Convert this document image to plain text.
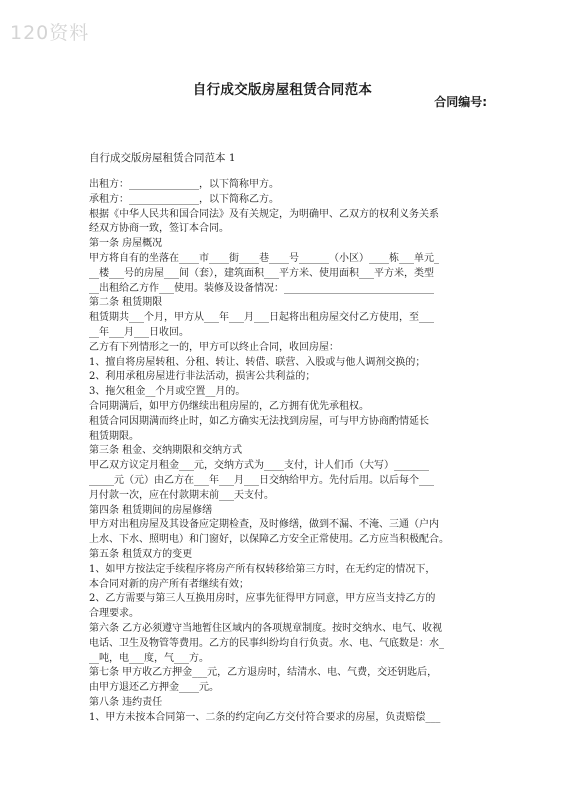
120资料
自行成交版房屋租赁合同范本
合同编号:
自行成交版房屋租赁合同范本 1
出租方：______________，以下简称甲方。
承租方：______________，以下简称乙方。
根据《中华人民共和国合同法》及有关规定，为明确甲、乙双方的权利义务关系
经双方协商一致，签订本合同。
第一条 房屋概况
甲方将自有的坐落在____市____街____巷____号______（小区）____栋___单元_
__楼___号的房屋___间（套），建筑面积___平方米、使用面积___平方米，类型
__出租给乙方作___使用。装修及设备情况：______________________________
第二条 租赁期限
租赁期共___个月，甲方从___年___月___日起将出租房屋交付乙方使用，至___
__年___月___日收回。
乙方有下列情形之一的，甲方可以终止合同，收回房屋：
1、擅自将房屋转租、分租、转让、转借、联营、入股或与他人调剂交换的；
2、利用承租房屋进行非法活动，损害公共利益的；
3、拖欠租金__个月或空置__月的。
合同期满后，如甲方仍继续出租房屋的，乙方拥有优先承租权。
租赁合同因期满而终止时，如乙方确实无法找到房屋，可与甲方协商酌情延长
租赁期限。
第三条 租金、交纳期限和交纳方式
甲乙双方议定月租金___元，交纳方式为____支付，计人们币（大写）_______
_____元（元）由乙方在___年___月___日交纳给甲方。先付后用。以后每个___
月付款一次，应在付款期末前___天支付。
第四条 租赁期间的房屋修缮
甲方对出租房屋及其设备应定期检查，及时修缮，做到不漏、不淹、三通（户内
上水、下水、照明电）和门窗好，以保障乙方安全正常使用。乙方应当积极配合。
第五条 租赁双方的变更
1、如甲方按法定手续程序将房产所有权转移给第三方时，在无约定的情况下，
本合同对新的房产所有者继续有效；
2、乙方需要与第三人互换用房时，应事先征得甲方同意，甲方应当支持乙方的
合理要求。
第六条 乙方必须遵守当地暂住区域内的各项规章制度。按时交纳水、电气、收视
电话、卫生及物管等费用。乙方的民事纠纷均自行负责。水、电、气底数是：水_
__吨，电___度，气___方。
第七条 甲方收乙方押金___元，乙方退房时，结清水、电、气费，交还钥匙后，
由甲方退还乙方押金____元。
第八条 违约责任
1、甲方未按本合同第一、二条的约定向乙方交付符合要求的房屋，负责赔偿___
